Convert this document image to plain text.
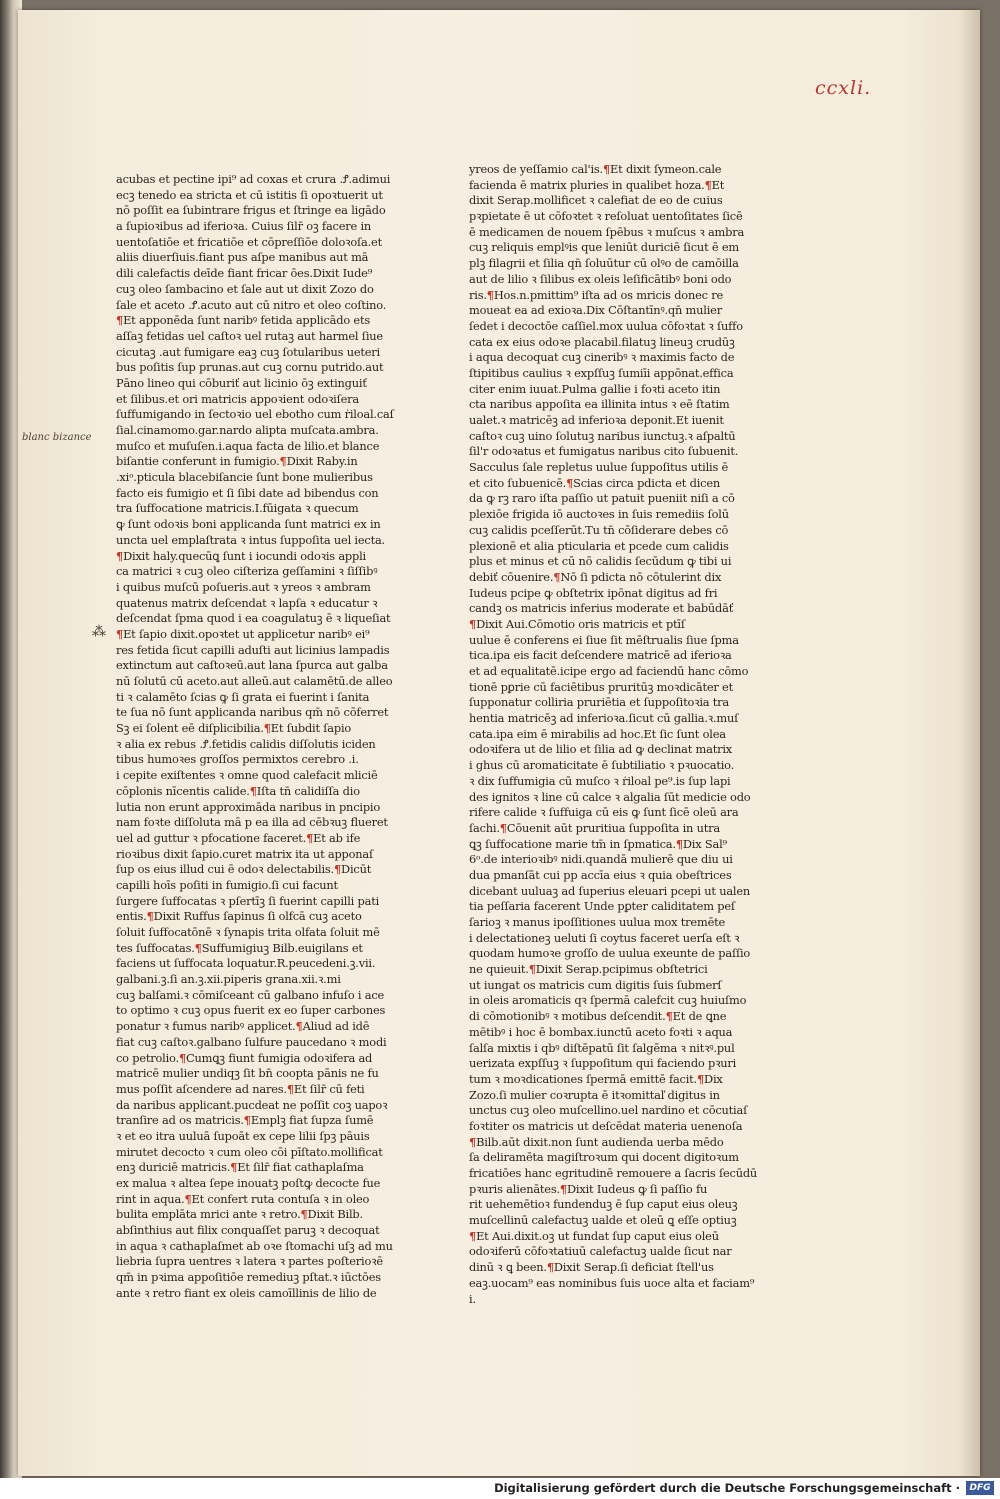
ccxli.
blanc bizance
⁂
acubas et pectine ipi⁹ ad coxas et crura .Ꝭ.adimui
ecꝫ tenedo ea stricta et cū istitis ſi opoꝛtuerit ut
nō poſſit ea ſubintrare frigus et ſtringe ea ligādo
a ſupioꝛibus ad iferioꝛa. Cuius ſilr̄ oꝫ facere in
uentoſatiōe et fricatiōe et cōpreſſiōe doloꝛoſa.et
aliis diuerſiuis.fiant pus aſpe manibus aut mā
dili calefactis deīde fiant fricar ōes.Dixit Iude⁹
cuꝫ oleo ſambacino et ſale aut ut dixit Zozo do
ſale et aceto .Ꝭ.acuto aut cū nitro et oleo coſtino.
¶Et apponēda ſunt naribꝰ fetida applicādo ets
aſſaꝫ fetidas uel caſtoꝛ uel rutaꝫ aut harmel ſiue
cicutaꝫ .aut fumigare eaꝫ cuꝫ ſotularibus ueteri
bus poſitis ſup prunas.aut cuꝫ cornu putrido.aut
Pāno lineo qui cōburiť aut licinio ōꝫ extinguiť
et ſilibus.et ori matricis appoꝛient odoꝛiſera
ſuffumigando in ſectoꝛio uel ebotho cum ṙiloal.caſ
ſial.cinamomo.gar.nardo alipta muſcata.ambra.
muſco et muſuſen.i.aqua facta de lilio.et blance
biſantie conferunt in fumigio.¶Dixit Raby.in
.xiᵒ.pticula blacebiſancie ſunt bone mulieribus
facto eis fumigio et ſi ſibi date ad bibendus con
tra ſuffocatione matricis.I.fūigata ꝛ quecum
ꝙ ſunt odoꝛis boni applicanda ſunt matrici ex in
uncta uel emplaſtrata ꝛ intus ſuppoſita uel iecta.
¶Dixit haly.quecūꝗ ſunt i iocundi odoꝛis appli
ca matrici ꝛ cuꝫ oleo ciſteriza geſſamini ꝛ ſiſſibꝰ
i quibus muſcū poſueris.aut ꝛ yreos ꝛ ambram
quatenus matrix deſcendat ꝛ lapſa ꝛ educatur ꝛ
deſcendat ſpma quod i ea coagulatuꝫ ē ꝛ liqueſiat
¶Et ſapio dixit.opoꝛtet ut applicetur naribꝰ ei⁹
res fetida ſicut capilli aduſti aut licinius lampadis
extinctum aut caſtoꝛeū.aut lana ſpurca aut galba
nū ſolutū cū aceto.aut alleū.aut calamētū.de alleo
ti ꝛ calamēto ſcias ꝙ ſi grata ei fuerint i ſanita
te ſua nō ſunt applicanda naribus qm̄ nō cōferret
Sꝫ ei ſolent eē diſplicibilia.¶Et ſubdit ſapio
ꝛ alia ex rebus .Ꝭ.fetidis calidis diſſolutis iciden
tibus humoꝛes groſſos permixtos cerebro .i.
i cepite exiſtentes ꝛ omne quod calefacit mliciē
cōplonis nīcentis calide.¶Iſta tn̄ calidiſſa dio
lutia non erunt approximāda naribus in pncipio
nam foꝛte diſſoluta mā p ea illa ad cēbꝛuꝫ flueret
uel ad guttur ꝛ pfocatione faceret.¶Et ab ife
rioꝛibus dixit ſapio.curet matrix ita ut apponaſ
ſup os eius illud cui ē odoꝛ delectabilis.¶Dicūt
capilli hoīs poſiti in fumigio.ſi cui facunt
ſurgere ſuffocatas ꝛ pſertīꝫ ſi fuerint capilli pati
entis.¶Dixit Ruffus ſapinus ſi olfcā cuꝫ aceto
ſoluit ſuffocatōnē ꝛ ſynapis trita olfata ſoluit mē
tes ſuffocatas.¶Suffumigiuꝫ Bilb.euigilans et
faciens ut ſuffocata loquatur.R.peucedeni.ꝫ.vii.
galbani.ꝫ.ſi an.ꝫ.xii.piperis grana.xii.ꝛ.mi
cuꝫ balſami.ꝛ cōmiſceant cū galbano infuſo i ace
to optimo ꝛ cuꝫ opus fuerit ex eo ſuper carbones
ponatur ꝛ fumus naribꝰ applicet.¶Aliud ad idē
fiat cuꝫ caſtoꝛ.galbano ſulfure paucedano ꝛ modi
co petrolio.¶Cumꝗꝫ fiunt fumigia odoꝛifera ad
matricē mulier undiqꝫ ſit bn̄ coopta pānis ne fu
mus poſſit aſcendere ad nares.¶Et ſilr̄ cū feti
da naribus applicant.pucdeat ne poſſit coꝫ uapoꝛ
tranſire ad os matricis.¶Emplꝫ fiat ſupza ſumē
ꝛ et eo itra uuluā ſupoāt ex cepe lilii ſpꝫ pāuis
mirutet decocto ꝛ cum oleo cōi pīſtato.mollificat
enꝫ duriciē matricis.¶Et ſilr̄ fiat cathaplaſma
ex malua ꝛ altea ſepe inouatꝫ poſtꝙ decocte fue
rint in aqua.¶Et confert ruta contuſa ꝛ in oleo
bulita emplāta mrici ante ꝛ retro.¶Dixit Bilb.
abſinthius aut filix conquaſſet paruꝫ ꝛ decoquat
in aqua ꝛ cathaplaſmet ab oꝛe ſtomachi uſꝫ ad mu
liebria ſupra uentres ꝛ latera ꝛ partes poſterioꝛē
qm̄ in pꝛima appoſitiōe remediuꝫ pſtat.ꝛ iūctōes
ante ꝛ retro fiant ex oleis camoīllinis de lilio de
yreos de yeſſamio cal'is.¶Et dixit ſymeon.cale
facienda ē matrix pluries in qualibet hoza.¶Et
dixit Serap.mollificet ꝛ calefiat de eo de cuius
pꝛpietate ē ut cōfoꝛtet ꝛ reſoluat uentoſitates ſicē
ē medicamen de nouem ſpēbus ꝛ muſcus ꝛ ambra
cuꝫ reliquis emplꝰis que leniūt duriciē ſicut ē em
plꝫ filagrii et ſilia qn̄ ſoluūtur cū olꝰo de camōilla
aut de lilio ꝛ ſilibus ex oleis leſificātibꝰ boni odo
ris.¶Hos.n.pmittim⁹ iſta ad os mricis donec re
moueat ea ad exioꝛa.Dix Cōſtantīnꝰ.qn̄ mulier
ſedet i decoctōe caſſiel.mox uulua cōfoꝛtat ꝛ ſuffo
cata ex eius odoꝛe placabil.filatuꝫ lineuꝫ crudūꝫ
i aqua decoquat cuꝫ cineribꝰ ꝛ maximis facto de
ſtipitibus caulius ꝛ expſſuꝫ ſumiīi appōnat.effica
citer enim iuuat.Pulma gallie i foꝛti aceto itin
cta naribus appoſita ea illinita intus ꝛ eē ſtatim
ualet.ꝛ matricēꝫ ad inferioꝛa deponit.Et iuenit
caſtoꝛ cuꝫ uino ſolutuꝫ naribus iunctuꝫ.ꝛ aſpaltū
ſil'r odoꝛatus et fumigatus naribus cito ſubuenit.
Sacculus ſale repletus uulue ſuppoſitus utilis ē
et cito ſubuenicē.¶Scias circa pdicta et dicen
da ꝙ rꝫ raro iſta paſſio ut patuit pueniit niſi a cō
plexiōe frigida iō auctoꝛes in ſuis remediis ſolū
cuꝫ calidis pceſſerūt.Tu tn̄ cōſiderare debes cō
plexionē et alia pticularia et pcede cum calidis
plus et minus et cū nō calidis ſecūdum ꝙ tibi ui
debiť cōuenire.¶Nō ſi pdicta nō cōtulerint dix
Iudeus pcipe ꝙ obſtetrix ipōnat digitus ad fri
candꝫ os matricis inferius moderate et babūdāť
¶Dixit Aui.Cōmotio oris matricis et ptīſ
uulue ē conferens ei ſiue ſit mēſtrualis ſiue ſpma
tica.ipa eis facit deſcendere matricē ad iferioꝛa
et ad equalitatē.icipe ergo ad faciendū hanc cōmo
tionē pꝑrie cū faciētibus pruritūꝫ moꝛdicāter et
ſupponatur colliria pruriētia et ſuppoſitoꝛia tra
hentia matricēꝫ ad inferioꝛa.ſicut cū gallia.ꝛ.muſ
cata.ipa eim ē mirabilis ad hoc.Et ſic ſunt olea
odoꝛifera ut de lilio et ſilia ad ꝙ declinat matrix
i ghus cū aromaticitate ē ſubtiliatio ꝛ pꝛuocatio.
ꝛ dix ſuffumigia cū muſco ꝛ ṙiloal pe⁹.is ſup lapi
des ignitos ꝛ line cū calce ꝛ algalia ſūt medicie odo
rifere calide ꝛ ſuffuiga cū eis ꝙ ſunt ſicē oleū ara
ſachi.¶Cōuenit aūt pruritiua ſuppoſita in utra
ꝗꝫ ſuffocatione marie tm̄ in ſpmatica.¶Dix Sal⁹
6ᵒ.de interioꝛibꝰ nidi.quandā mulierē que diu ui
dua pmanſāt cui pp accīa eius ꝛ quia obeſtrices
dicebant uuluaꝫ ad ſuperius eleuari pcepi ut ualen
tia peſſaria facerent Unde pꝑter caliditatem peſ
ſarioꝫ ꝛ manus ipoſſitiones uulua mox tremēte
i delectationeꝫ ueluti ſi coytus faceret uerſa eſt ꝛ
quodam humoꝛe groſſo de uulua exeunte de paſſio
ne quieuit.¶Dixit Serap.pcipimus obſtetrici
ut iungat os matricis cum digitis ſuis ſubmerſ
in oleis aromaticis qꝛ ſpermā calefcit cuꝫ huiuſmo
di cōmotionibꝰ ꝛ motibus deſcendit.¶Et de ꝗne
mētibꝰ i hoc ē bombax.iunctū aceto foꝛti ꝛ aqua
ſalſa mixtis i qbꝰ diſtēpatū ſit ſalgēma ꝛ nitꝛꝰ.pul
uerizata expſſuꝫ ꝛ ſuppoſitum qui faciendo pꝛuri
tum ꝛ moꝛdicationes ſpermā emittē facit.¶Dix
Zozo.ſi mulier coꝛrupta ē itꝛomittaľ digitus in
unctus cuꝫ oleo muſcellino.uel nardino et cōcutiaſ
foꝛtiter os matricis ut deſcēdat materia uenenoſa
¶Bilb.aūt dixit.non ſunt audienda uerba mēdo
ſa deliramēta magiſtroꝛum qui docent digitoꝛum
fricatiōes hanc egritudinē remouere a ſacris ſecūdū
pꝛuris alienātes.¶Dixit Iudeus ꝙ ſi paſſio fu
rit uehemētioꝛ fundenduꝫ ē ſup caput eius oleuꝫ
muſcellinū calefactuꝫ ualde et oleū ꝗ eſſe optiuꝫ
¶Et Aui.dixit.oꝫ ut fundat ſup caput eius oleū
odoꝛiferū cōfoꝛtatiuū calefactuꝫ ualde ſicut nar
dinū ꝛ ꝗ been.¶Dixit Serap.ſi deficiat ſtell'us
eaꝫ.uocam⁹ eas nominibus ſuis uoce alta et faciam⁹
i.
Digitalisierung gefördert durch die Deutsche Forschungsgemeinschaft ·	DFG
